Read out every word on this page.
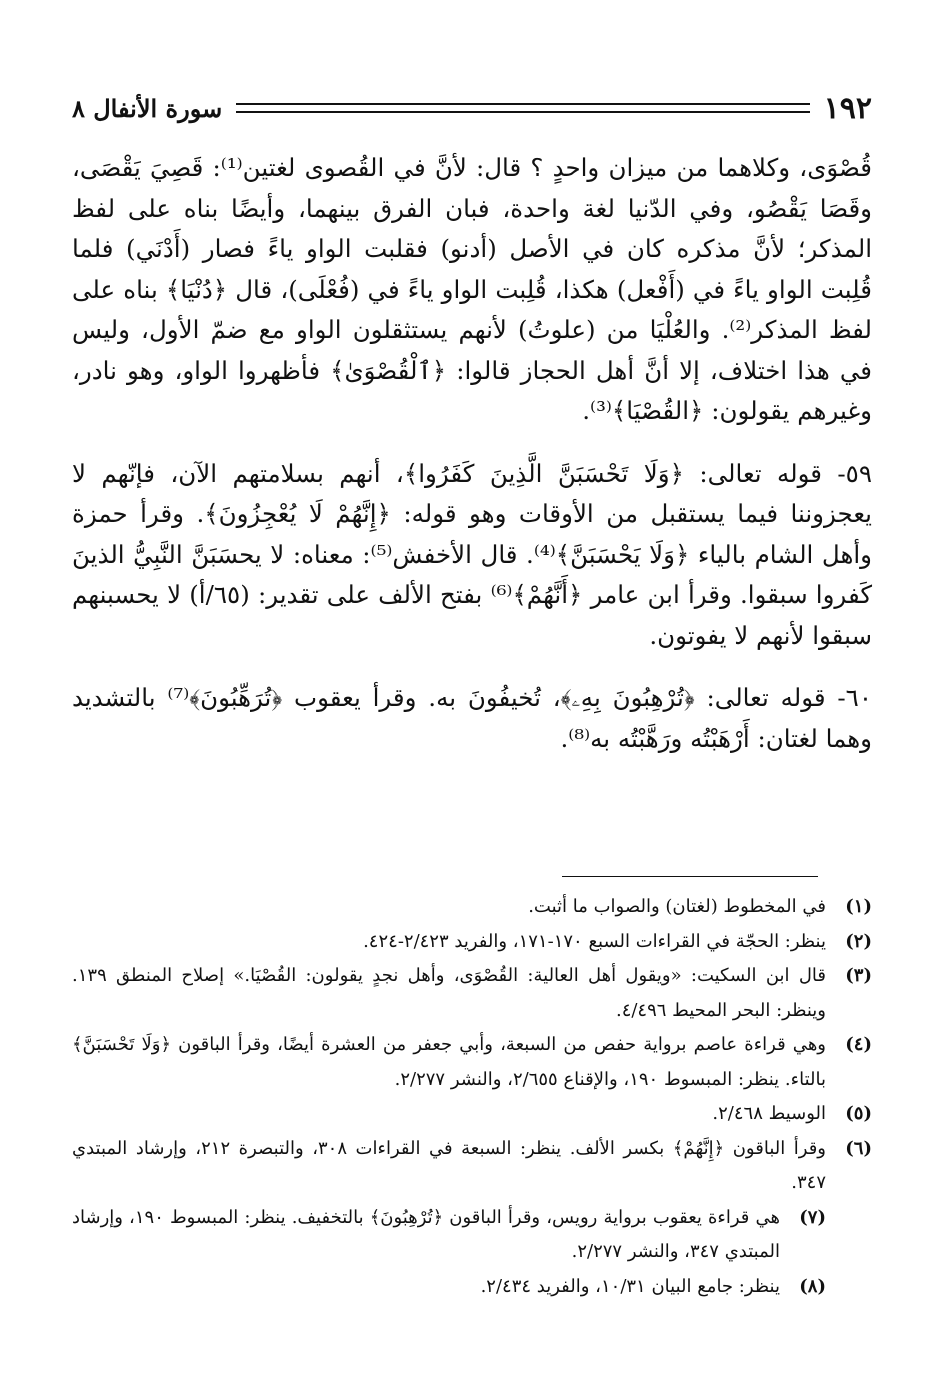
١٩٢
سورة الأنفال ٨

قُصْوَى، وكلاهما من ميزان واحدٍ ؟ قال: لأنَّ في القُصوى لغتين⁽¹⁾: قَصِيَ يَقْصَى، وقَصَا يَقْصُو، وفي الدّنيا لغة واحدة، فبان الفرق بينهما، وأيضًا بناه على لفظ المذكر؛ لأنَّ مذكره كان في الأصل (أدنو) فقلبت الواو ياءً فصار (أَدْنَي) فلما قُلِبت الواو ياءً في (أَفْعل) هكذا، قُلِبت الواو ياءً في (فُعْلَى)، قال ﴿دُنْيَا﴾ بناه على لفظ المذكر⁽²⁾. والعُلْيَا من (علوتُ) لأنهم يستثقلون الواو مع ضمّ الأول، وليس في هذا اختلاف، إلا أنَّ أهل الحجاز قالوا: ﴿ٱلْقُصْوَىٰ﴾ فأظهروا الواو، وهو نادر، وغيرهم يقولون: ﴿القُصْيَا﴾⁽³⁾.

٥٩- قوله تعالى: ﴿وَلَا تَحْسَبَنَّ الَّذِينَ كَفَرُوا﴾، أنهم بسلامتهم الآن، فإنّهم لا يعجزوننا فيما يستقبل من الأوقات وهو قوله: ﴿إِنَّهُمْ لَا يُعْجِزُونَ﴾. وقرأ حمزة وأهل الشام بالياء ﴿وَلَا يَحْسَبَنَّ﴾⁽⁴⁾. قال الأخفش⁽⁵⁾: معناه: لا يحسَبَنَّ النَّبِيُّ الذينَ كَفروا سبقوا. وقرأ ابن عامر ﴿أَنَّهُمْ﴾⁽⁶⁾ بفتح الألف على تقدير: (٦٥/أ) لا يحسبنهم سبقوا لأنهم لا يفوتون.

٦٠- قوله تعالى: ﴿تُرْهِبُونَ بِهِۦ﴾، تُخيفُونَ به. وقرأ يعقوب ﴿تُرَهِّبُونَ﴾⁽⁷⁾ بالتشديد وهما لغتان: أَرْهَبْتُه ورَهَّبْتُه به⁽⁸⁾.

(١)
في المخطوط (لغتان) والصواب ما أثبت.
(٢)
ينظر: الحجّة في القراءات السبع ١٧٠-١٧١، والفريد ٢/٤٢٣-٤٢٤.
(٣)
قال ابن السكيت: «ويقول أهل العالية: القُصْوَى، وأهل نجدٍ يقولون: القُصْيَا.» إصلاح المنطق ١٣٩. وينظر: البحر المحيط ٤/٤٩٦.
(٤)
وهي قراءة عاصم برواية حفص من السبعة، وأبي جعفر من العشرة أيضًا، وقرأ الباقون ﴿وَلَا تَحْسَبَنَّ﴾ بالتاء. ينظر: المبسوط ١٩٠، والإقناع ٢/٦٥٥، والنشر ٢/٢٧٧.
(٥)
الوسيط ٢/٤٦٨.
(٦)
وقرأ الباقون ﴿إِنَّهُمْ﴾ بكسر الألف. ينظر: السبعة في القراءات ٣٠٨، والتبصرة ٢١٢، وإرشاد المبتدي ٣٤٧.
(٧)
هي قراءة يعقوب برواية رويس، وقرأ الباقون ﴿تُرْهِبُونَ﴾ بالتخفيف. ينظر: المبسوط ١٩٠، وإرشاد المبتدي ٣٤٧، والنشر ٢/٢٧٧.
(٨)
ينظر: جامع البيان ١٠/٣١، والفريد ٢/٤٣٤.
